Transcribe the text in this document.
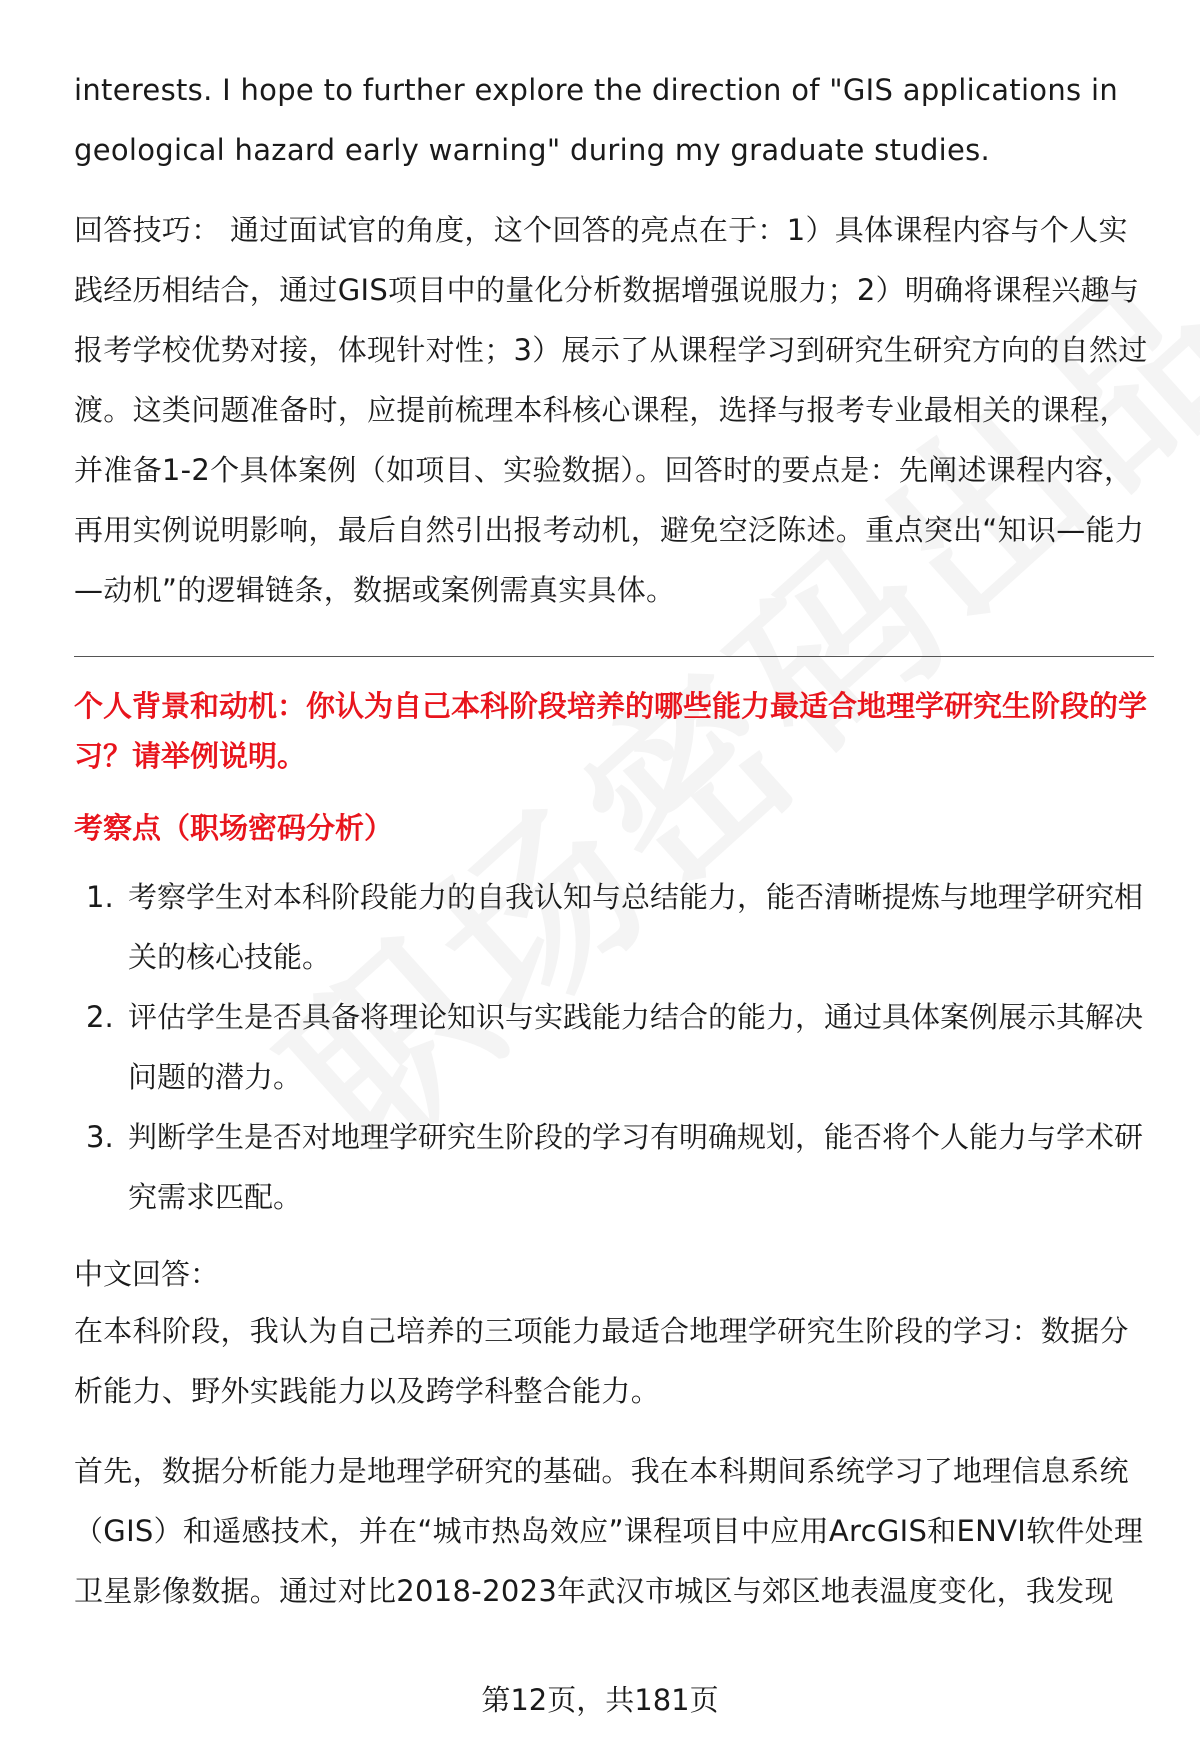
interests. I hope to further explore the direction of "GIS applications in geological hazard early warning" during my graduate studies.

回答技巧： 通过面试官的角度，这个回答的亮点在于：1）具体课程内容与个人实践经历相结合，通过GIS项目中的量化分析数据增强说服力；2）明确将课程兴趣与报考学校优势对接，体现针对性；3）展示了从课程学习到研究生研究方向的自然过渡。这类问题准备时，应提前梳理本科核心课程，选择与报考专业最相关的课程，并准备1-2个具体案例（如项目、实验数据）。回答时的要点是：先阐述课程内容，再用实例说明影响，最后自然引出报考动机，避免空泛陈述。重点突出“知识—能力—动机”的逻辑链条，数据或案例需真实具体。

个人背景和动机：你认为自己本科阶段培养的哪些能力最适合地理学研究生阶段的学习？请举例说明。

考察点（职场密码分析）

1. 考察学生对本科阶段能力的自我认知与总结能力，能否清晰提炼与地理学研究相关的核心技能。
2. 评估学生是否具备将理论知识与实践能力结合的能力，通过具体案例展示其解决问题的潜力。
3. 判断学生是否对地理学研究生阶段的学习有明确规划，能否将个人能力与学术研究需求匹配。

中文回答：

在本科阶段，我认为自己培养的三项能力最适合地理学研究生阶段的学习：数据分析能力、野外实践能力以及跨学科整合能力。

首先，数据分析能力是地理学研究的基础。我在本科期间系统学习了地理信息系统（GIS）和遥感技术，并在“城市热岛效应”课程项目中应用ArcGIS和ENVI软件处理卫星影像数据。通过对比2018-2023年武汉市城区与郊区地表温度变化，我发现

第12页，共181页
